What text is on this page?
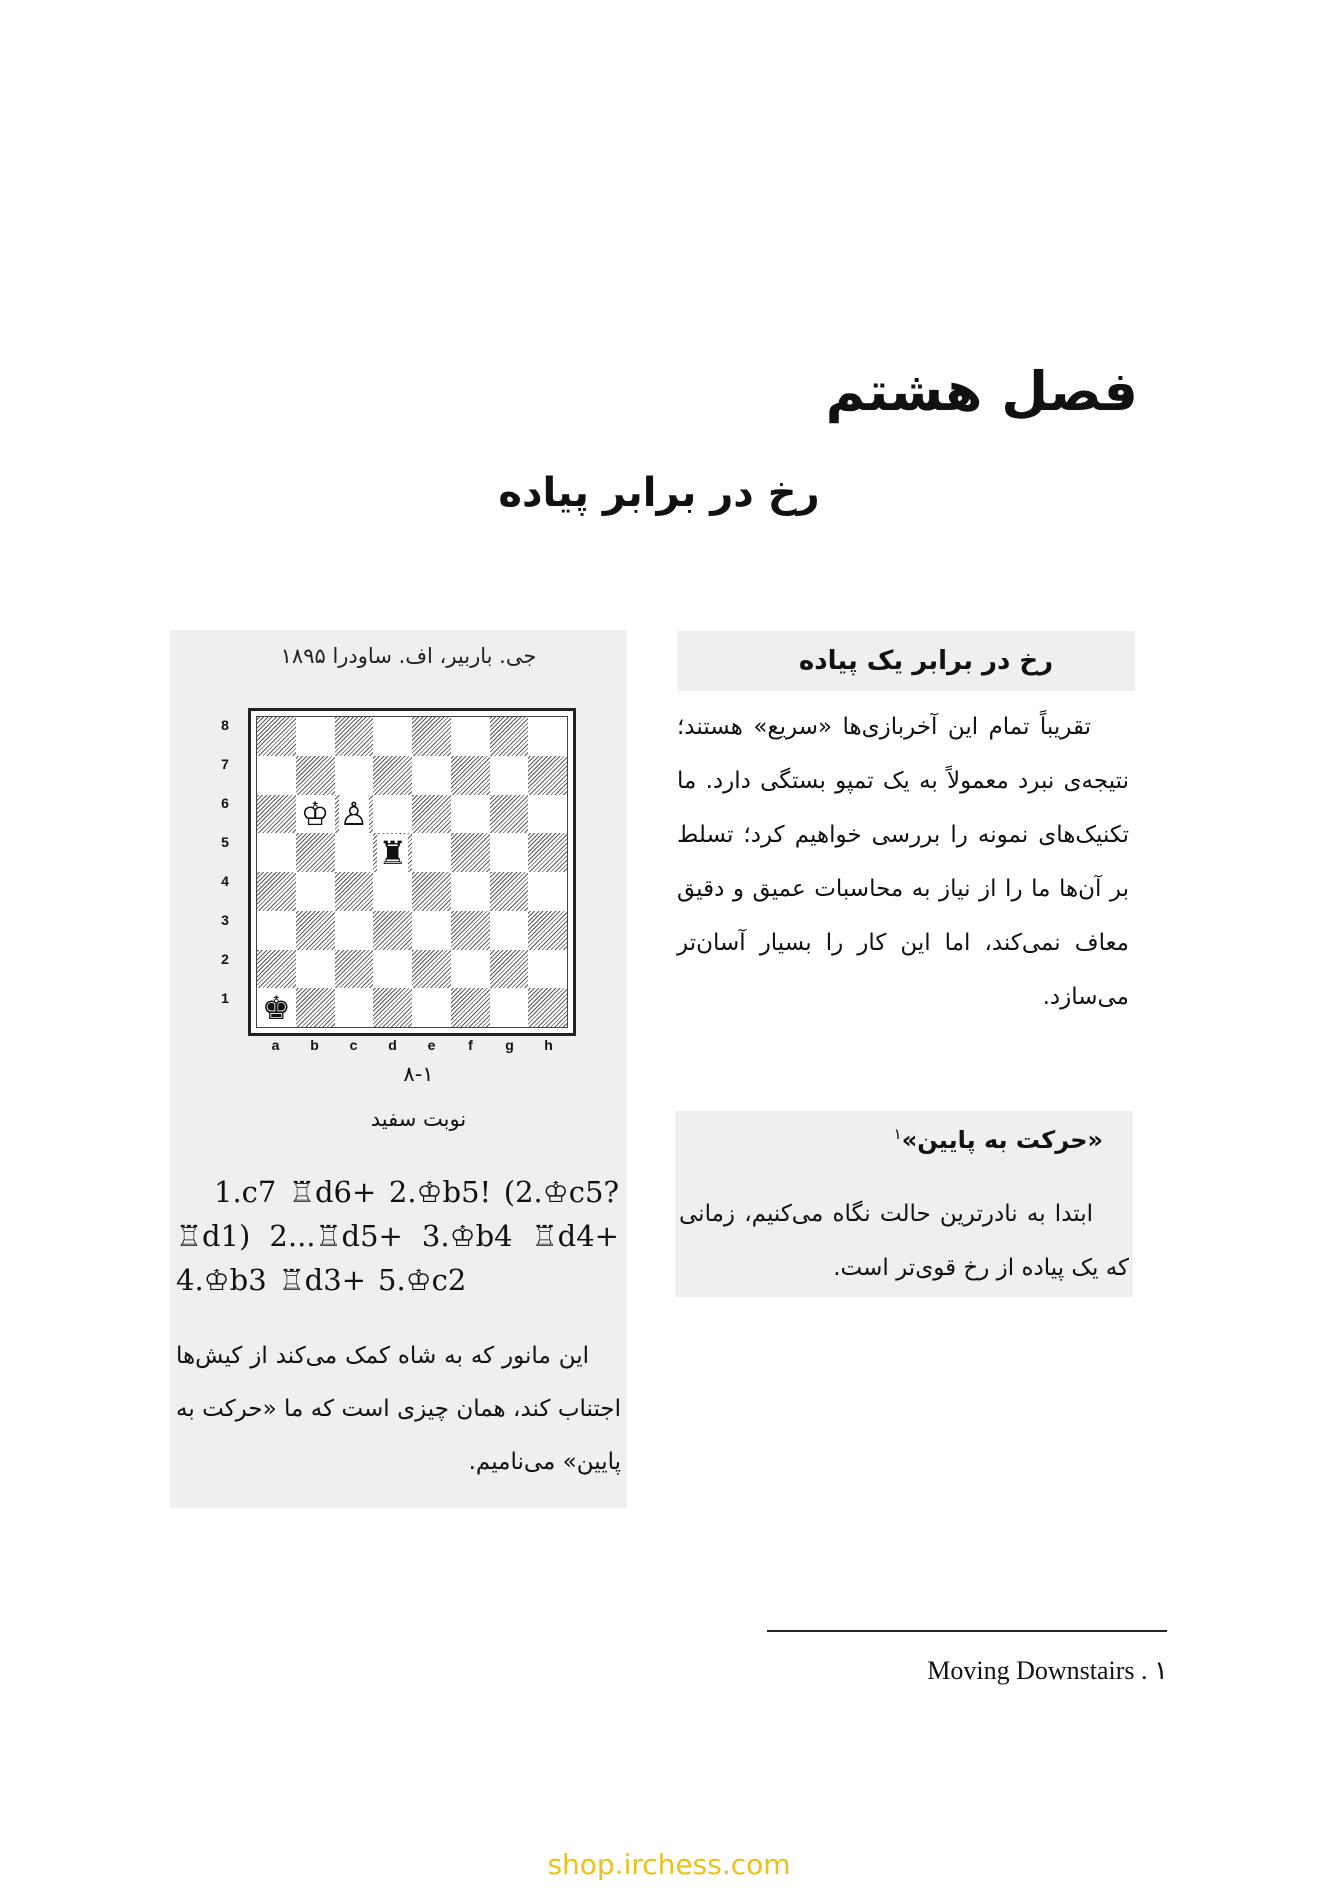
فصل هشتم
رخ در برابر پیاده
جی. باربیر، اف. ساودرا ۱۸۹۵
8
7
6
5
4
3
2
1
♔ ♙
♜
♚
a	b	c	d	e	f	g	h
۸-۱
نوبت سفید
1.c7 ♖d6+ 2.♔b5! (2.♔c5?
♖d1) 2...♖d5+ 3.♔b4 ♖d4+
4.♔b3 ♖d3+ 5.♔c2
این مانور که به شاه کمک می‌کند از کیش‌ها اجتناب کند، همان چیزی است که ما «حرکت به پایین» می‌نامیم.
رخ در برابر یک پیاده
تقریباً تمام این آخربازی‌ها «سریع» هستند؛ نتیجه‌ی نبرد معمولاً به یک تمپو بستگی دارد. ما تکنیک‌های نمونه را بررسی خواهیم کرد؛ تسلط بر آن‌ها ما را از نیاز به محاسبات عمیق و دقیق معاف نمی‌کند، اما این کار را بسیار آسان‌تر می‌سازد.
«حرکت به پایین»$^۱$
ابتدا به نادرترین حالت نگاه می‌کنیم، زمانی که یک پیاده از رخ قوی‌تر است.
Moving Downstairs . ۱
shop.irchess.com
